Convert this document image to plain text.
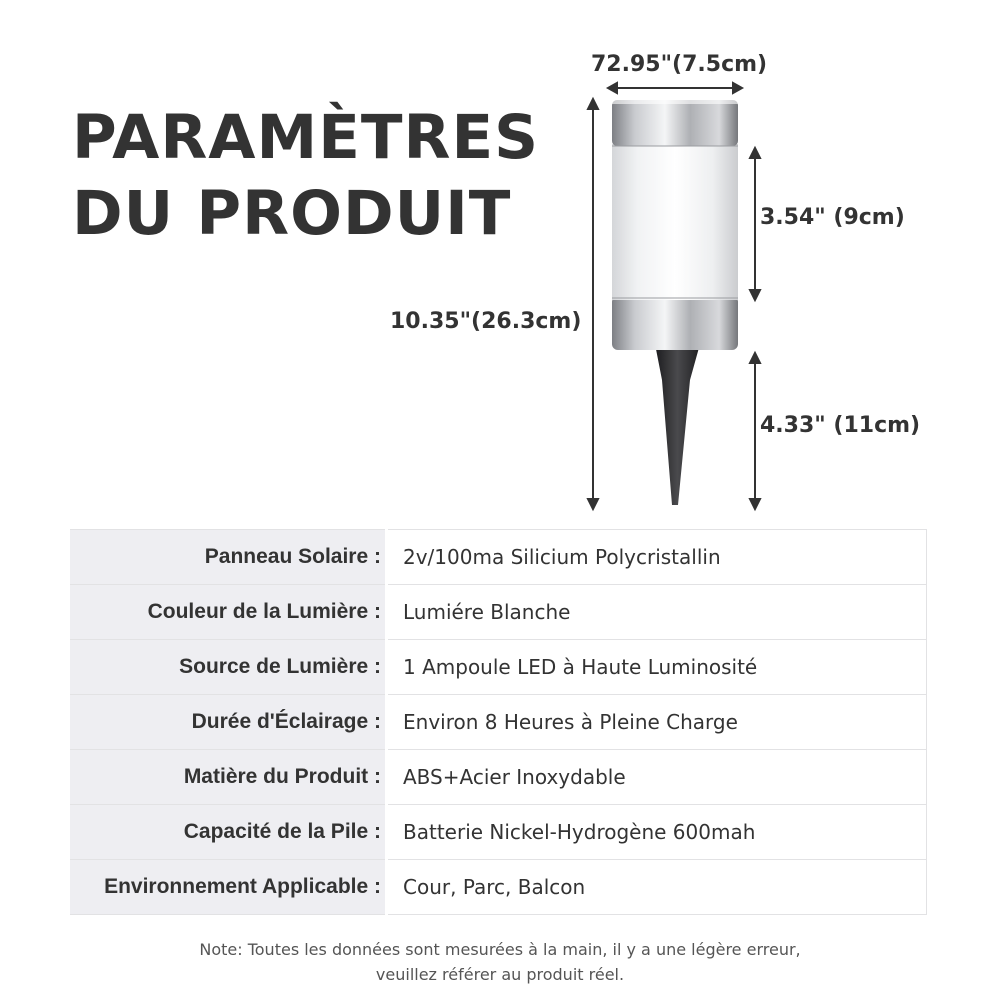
PARAMÈTRES
DU PRODUIT
72.95"(7.5cm)
10.35"(26.3cm)
3.54" (9cm)
4.33" (11cm)
Panneau Solaire :	2v/100ma Silicium Polycristallin
Couleur de la Lumière :	Lumiére Blanche
Source de Lumière :	1 Ampoule LED à Haute Luminosité
Durée d'Éclairage :	Environ 8 Heures à Pleine Charge
Matière du Produit :	ABS+Acier Inoxydable
Capacité de la Pile :	Batterie Nickel-Hydrogène 600mah
Environnement Applicable :	Cour, Parc, Balcon
Note: Toutes les données sont mesurées à la main, il y a une légère erreur,
veuillez référer au produit réel.
